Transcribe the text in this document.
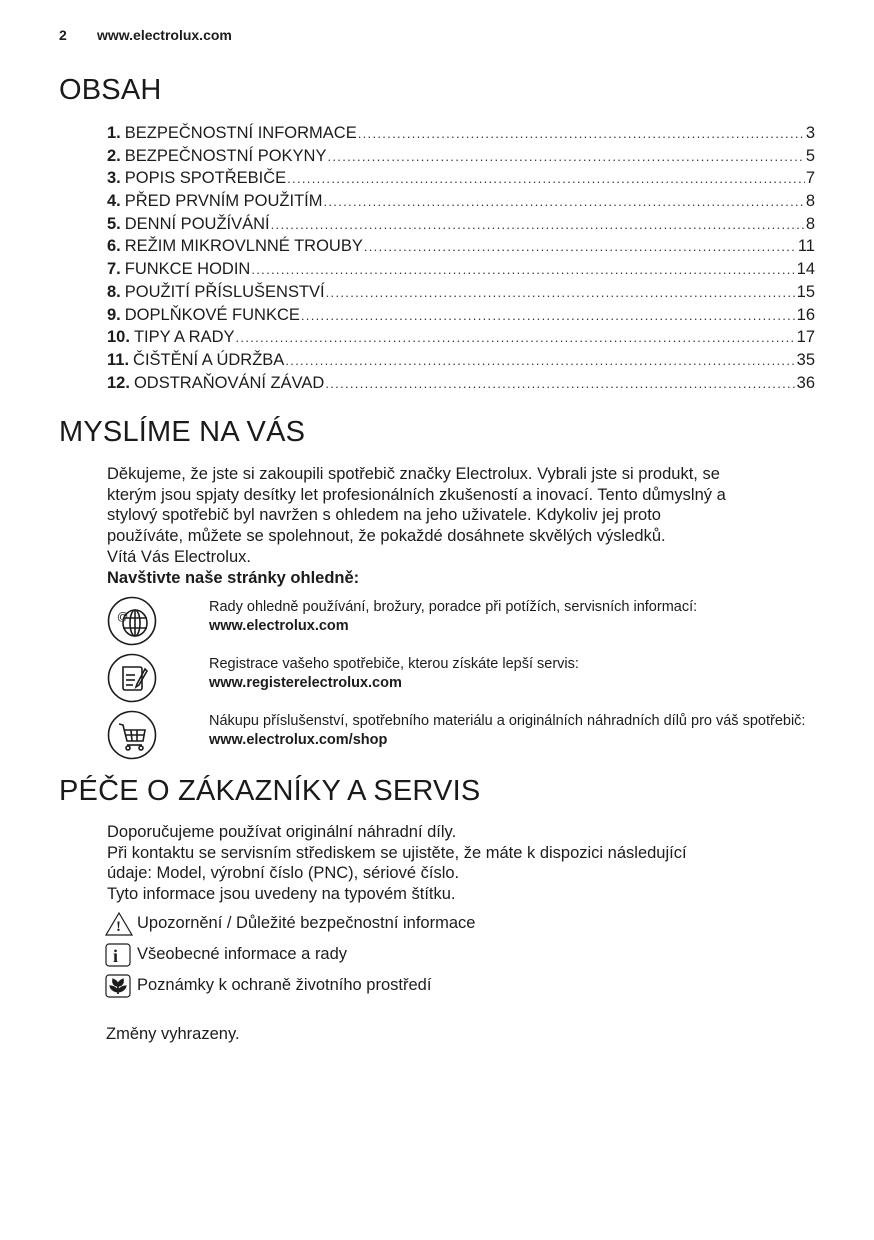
2 www.electrolux.com
OBSAH
1. BEZPEČNOSTNÍ INFORMACE .....	3
2. BEZPEČNOSTNÍ POKYNY .....	5
3. POPIS SPOTŘEBIČE .....	7
4. PŘED PRVNÍM POUŽITÍM .....	8
5. DENNÍ POUŽÍVÁNÍ .....	8
6. REŽIM MIKROVLNNÉ TROUBY .....	11
7. FUNKCE HODIN .....	14
8. POUŽITÍ PŘÍSLUŠENSTVÍ .....	15
9. DOPLŇKOVÉ FUNKCE .....	16
10. TIPY A RADY .....	17
11. ČIŠTĚNÍ A ÚDRŽBA .....	35
12. ODSTRAŇOVÁNÍ ZÁVAD .....	36
MYSLÍME NA VÁS
Děkujeme, že jste si zakoupili spotřebič značky Electrolux. Vybrali jste si produkt, se
kterým jsou spjaty desítky let profesionálních zkušeností a inovací. Tento důmyslný a
stylový spotřebič byl navržen s ohledem na jeho uživatele. Kdykoliv jej proto
používáte, můžete se spolehnout, že pokaždé dosáhnete skvělých výsledků.
Vítá Vás Electrolux.
Navštivte naše stránky ohledně:
@
Rady ohledně používání, brožury, poradce při potížích, servisních informací:
www.electrolux.com
Registrace vašeho spotřebiče, kterou získáte lepší servis:
www.registerelectrolux.com
Nákupu příslušenství, spotřebního materiálu a originálních náhradních dílů pro váš spotřebič:
www.electrolux.com/shop
PÉČE O ZÁKAZNÍKY A SERVIS
Doporučujeme používat originální náhradní díly.
Při kontaktu se servisním střediskem se ujistěte, že máte k dispozici následující
údaje: Model, výrobní číslo (PNC), sériové číslo.
Tyto informace jsou uvedeny na typovém štítku.
! Upozornění / Důležité bezpečnostní informace
i Všeobecné informace a rady
Poznámky k ochraně životního prostředí
Změny vyhrazeny.
